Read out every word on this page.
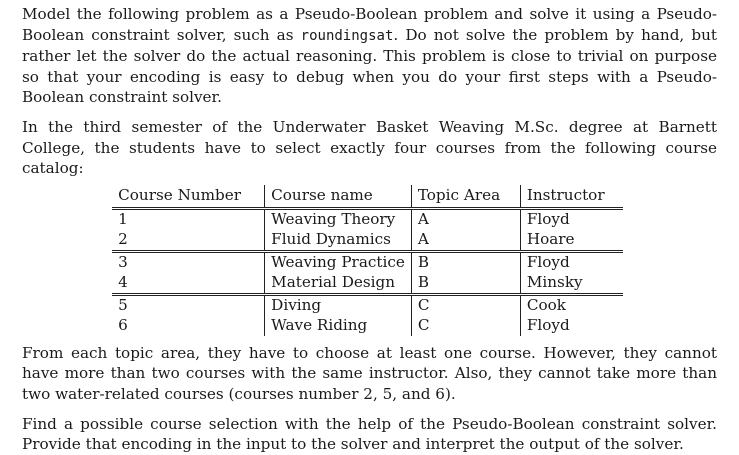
Model the following problem as a Pseudo-Boolean problem and solve it using a Pseudo-Boolean constraint solver, such as roundingsat. Do not solve the problem by hand, but rather let the solver do the actual reasoning. This problem is close to trivial on purpose so that your encoding is easy to debug when you do your first steps with a Pseudo-Boolean constraint solver.

In the third semester of the Underwater Basket Weaving M.Sc. degree at Barnett College, the students have to select exactly four courses from the following course catalog:

Course Number	Course name	Topic Area	Instructor
1	Weaving Theory	A	Floyd
2	Fluid Dynamics	A	Hoare
3	Weaving Practice	B	Floyd
4	Material Design	B	Minsky
5	Diving	C	Cook
6	Wave Riding	C	Floyd

From each topic area, they have to choose at least one course. However, they cannot have more than two courses with the same instructor. Also, they cannot take more than two water-related courses (courses number 2, 5, and 6).

Find a possible course selection with the help of the Pseudo-Boolean constraint solver. Provide that encoding in the input to the solver and interpret the output of the solver.
